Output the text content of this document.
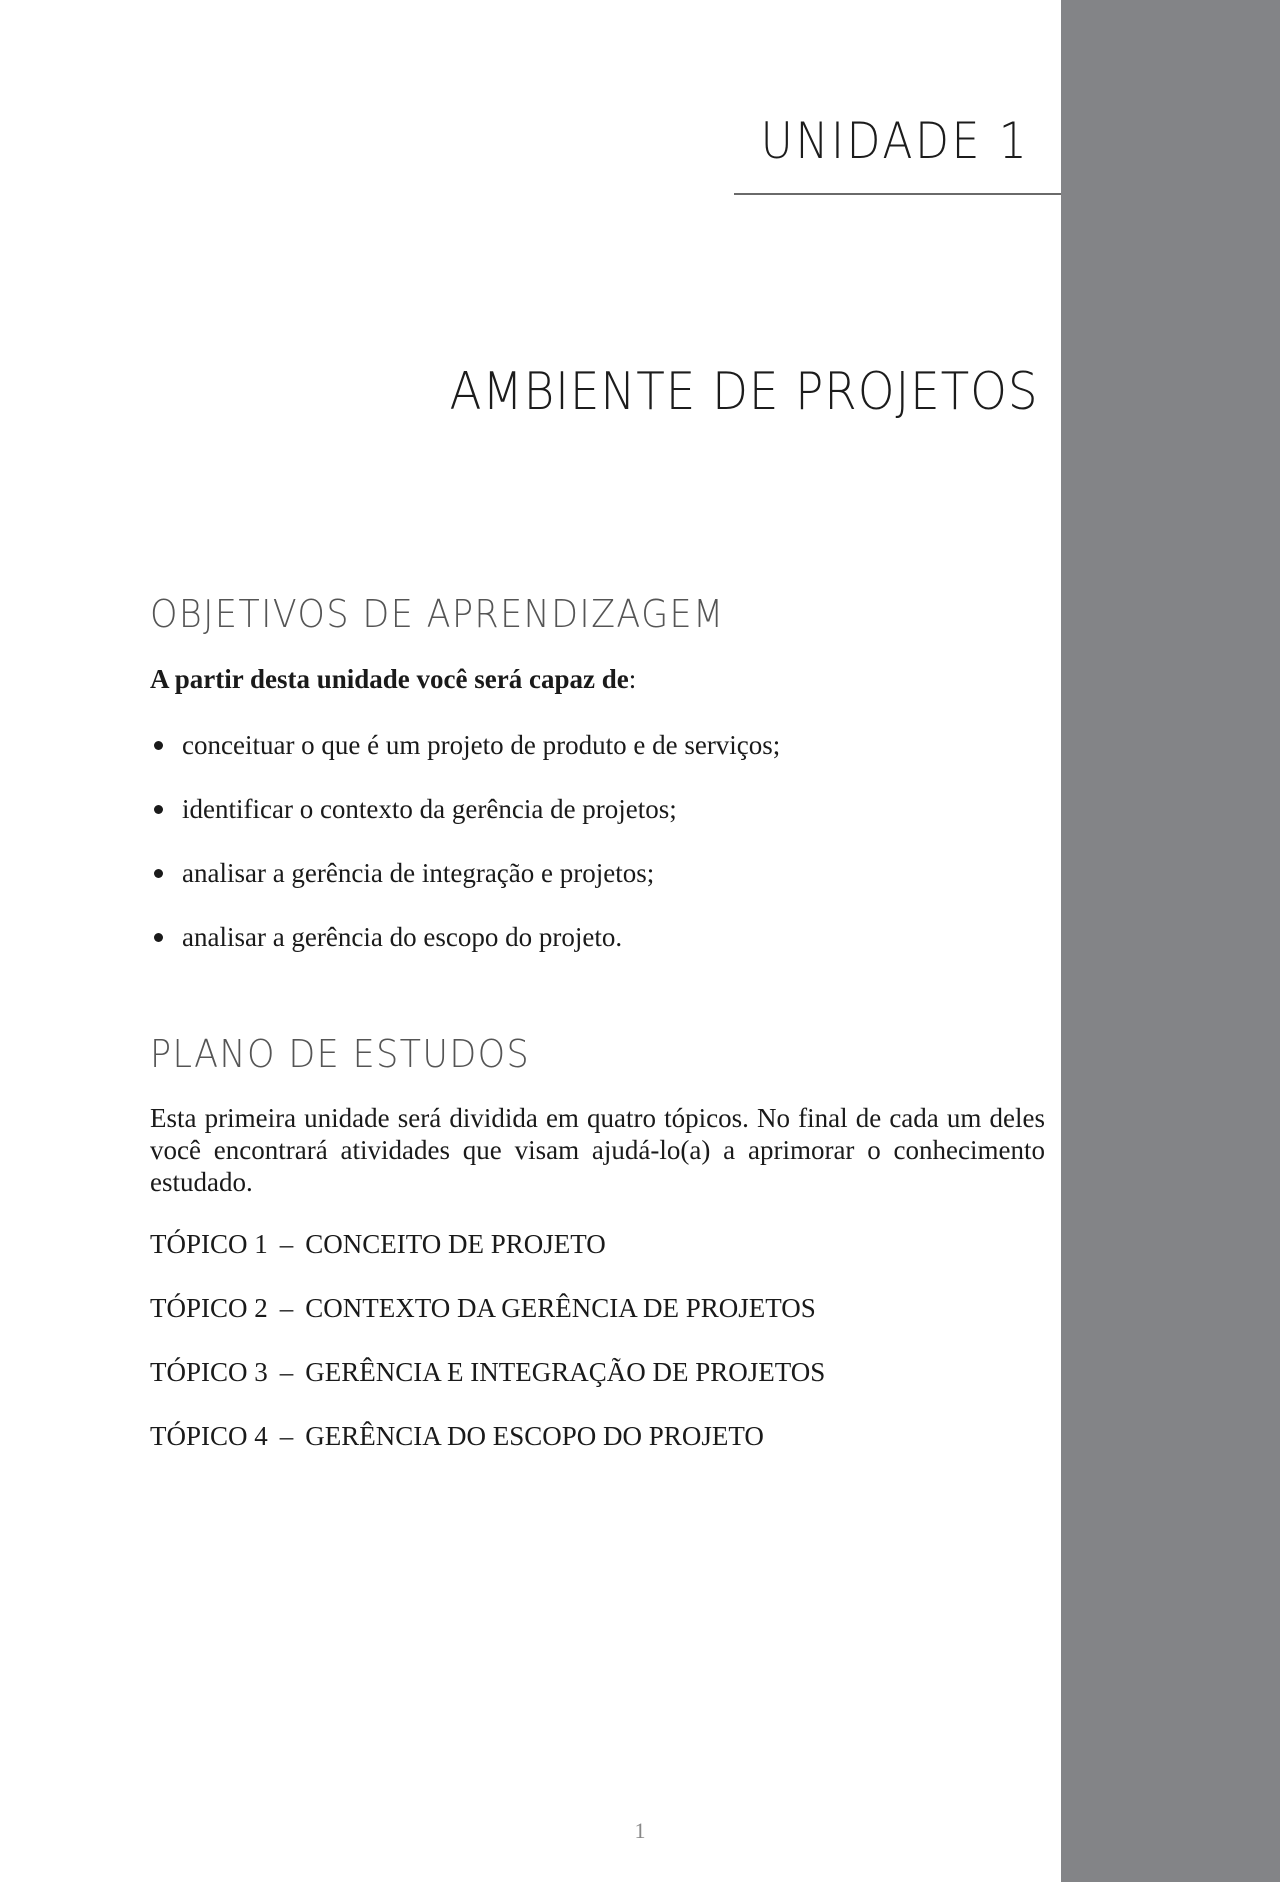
UNIDADE 1
AMBIENTE DE PROJETOS
OBJETIVOS DE APRENDIZAGEM
A partir desta unidade você será capaz de:
conceituar o que é um projeto de produto e de serviços;
identificar o contexto da gerência de projetos;
analisar a gerência de integração e projetos;
analisar a gerência do escopo do projeto.
PLANO DE ESTUDOS

Esta primeira unidade será dividida em quatro tópicos. No final de cada um deles você encontrará atividades que visam ajudá-lo(a) a aprimorar o conhecimento estudado.

TÓPICO 1 – CONCEITO DE PROJETO
TÓPICO 2 – CONTEXTO DA GERÊNCIA DE PROJETOS
TÓPICO 3 – GERÊNCIA E INTEGRAÇÃO DE PROJETOS
TÓPICO 4 – GERÊNCIA DO ESCOPO DO PROJETO
1
